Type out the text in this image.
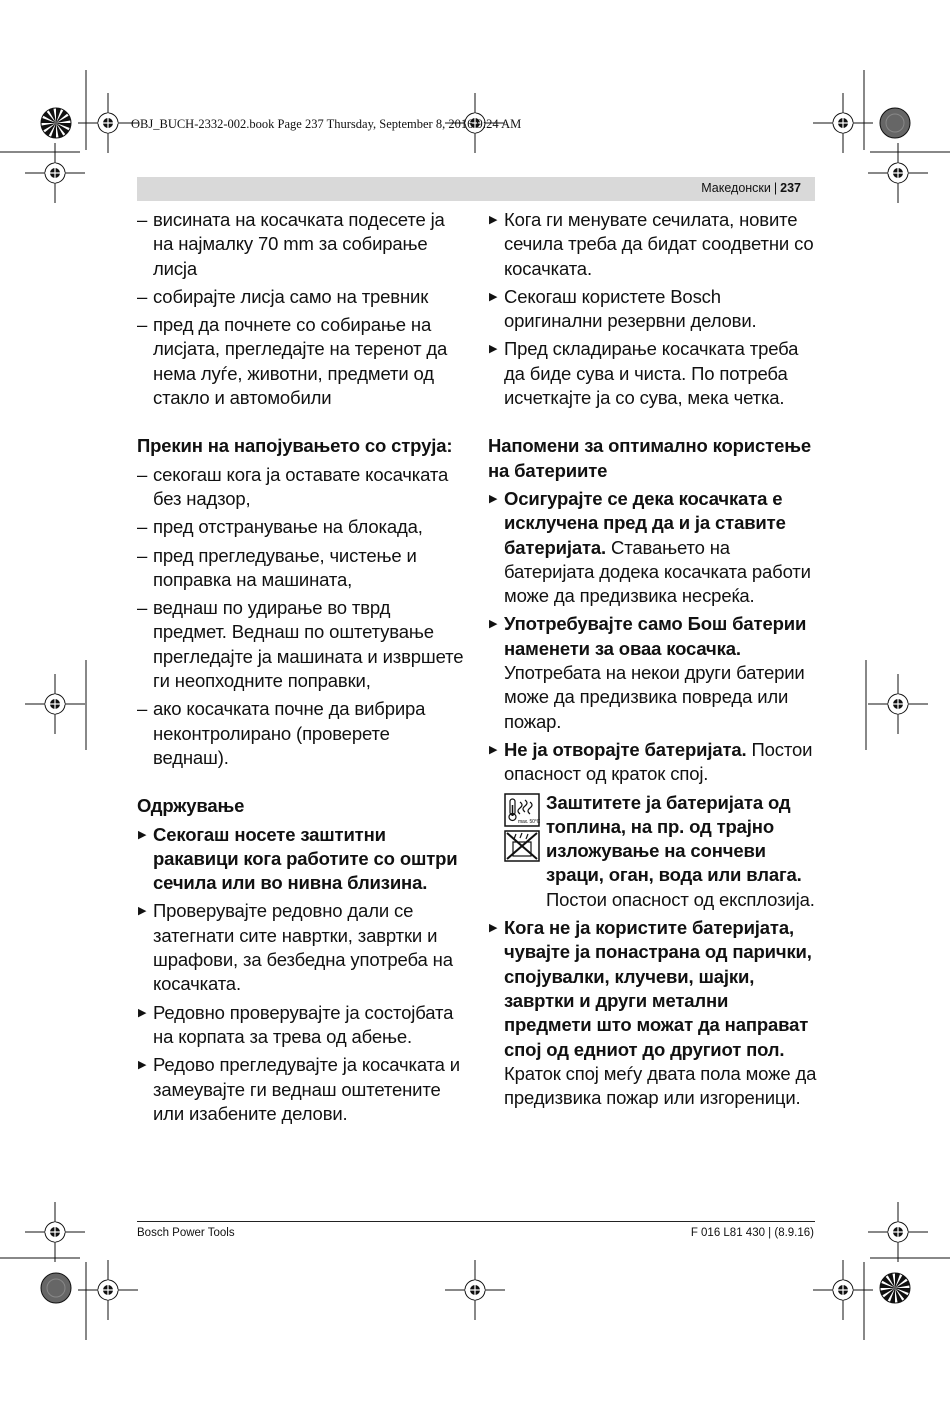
OBJ_BUCH-2332-002.book Page 237 Thursday, September 8, 2016 9:24 AM
Македонски | 237
– висината на косачката подесете ја на најмалку 70 mm за собирање лисја
– собирајте лисја само на тревник
– пред да почнете со собирање на лисјата, прегледајте на теренот да нема луѓе, животни, предмети од стакло и автомобили
Прекин на напојувањето со струја:
– секогаш кога ја оставате косачката без надзор,
– пред отстранување на блокада,
– пред прегледување, чистење и поправка на машината,
– веднаш по удирање во тврд предмет. Веднаш по оштетување прегледајте ја машината и извршете ги неопходните поправки,
– ако косачката почне да вибрира неконтролирано (проверете веднаш).
Одржување
▶ Секогаш носете заштитни ракавици кога работите со оштри сечила или во нивна близина.
▶ Проверувајте редовно дали се затегнати сите навртки, завртки и шрафови, за безбедна употреба на косачката.
▶ Редовно проверувајте ја состојбата на корпата за трева од абење.
▶ Редово прегледувајте ја косачката и замеувајте ги веднаш оштетените или изабените делови.
▶ Кога ги менувате сечилата, новите сечила треба да бидат соодветни со косачката.
▶ Секогаш користете Bosch оригинални резервни делови.
▶ Пред складирање косачката треба да биде сува и чиста. По потреба исчеткајте ја со сува, мека четка.
Напомени за оптимално користење на батериите
▶ Осигурајте се дека косачката е исклучена пред да и ја ставите батеријата. Ставањето на батеријата додека косачката работи може да предизвика несреќа.
▶ Употребувајте само Бош батерии наменети за оваа косачка. Употребата на некои други батерии може да предизвика повреда или пожар.
▶ Не ја отворајте батеријата. Постои опасност од краток спој.
max. 50°C
Заштитете ја батеријата од топлина, на пр. од трајно изложување на сончеви зраци, оган, вода или влага. Постои опасност од експлозија.
▶ Кога не ја користите батеријата, чувајте ја понастрана од парички, спојувалки, клучеви, шајки, завртки и други метални предмети што можат да направат спој од едниот до другиот пол. Краток спој меѓу двата пола може да предизвика пожар или изгореници.
Bosch Power Tools	F 016 L81 430 | (8.9.16)
